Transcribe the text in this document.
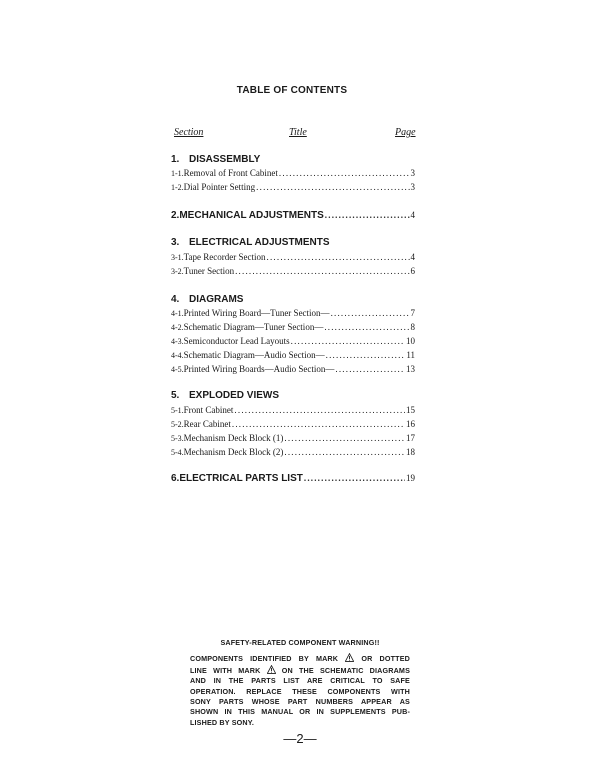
TABLE OF CONTENTS
Section	Title	Page
1. DISASSEMBLY
1-1. Removal of Front Cabinet .....	3
1-2. Dial Pointer Setting .....	3
2. MECHANICAL ADJUSTMENTS .....	4
3. ELECTRICAL ADJUSTMENTS
3-1. Tape Recorder Section .....	4
3-2. Tuner Section .....	6
4. DIAGRAMS
4-1. Printed Wiring Board—Tuner Section— .....	7
4-2. Schematic Diagram—Tuner Section— .....	8
4-3. Semiconductor Lead Layouts .....	10
4-4. Schematic Diagram—Audio Section— .....	11
4-5. Printed Wiring Boards—Audio Section— .....	13
5. EXPLODED VIEWS
5-1. Front Cabinet .....	15
5-2. Rear Cabinet .....	16
5-3. Mechanism Deck Block (1) .....	17
5-4. Mechanism Deck Block (2) .....	18
6. ELECTRICAL PARTS LIST .....	19
SAFETY-RELATED COMPONENT WARNING!!
COMPONENTS IDENTIFIED BY MARK	OR DOTTED
LINE WITH MARK	ON THE SCHEMATIC DIAGRAMS
AND IN THE PARTS LIST ARE CRITICAL TO SAFE
OPERATION. REPLACE THESE COMPONENTS WITH
SONY PARTS WHOSE PART NUMBERS APPEAR AS
SHOWN IN THIS MANUAL OR IN SUPPLEMENTS PUB-
LISHED BY SONY.
—2—
